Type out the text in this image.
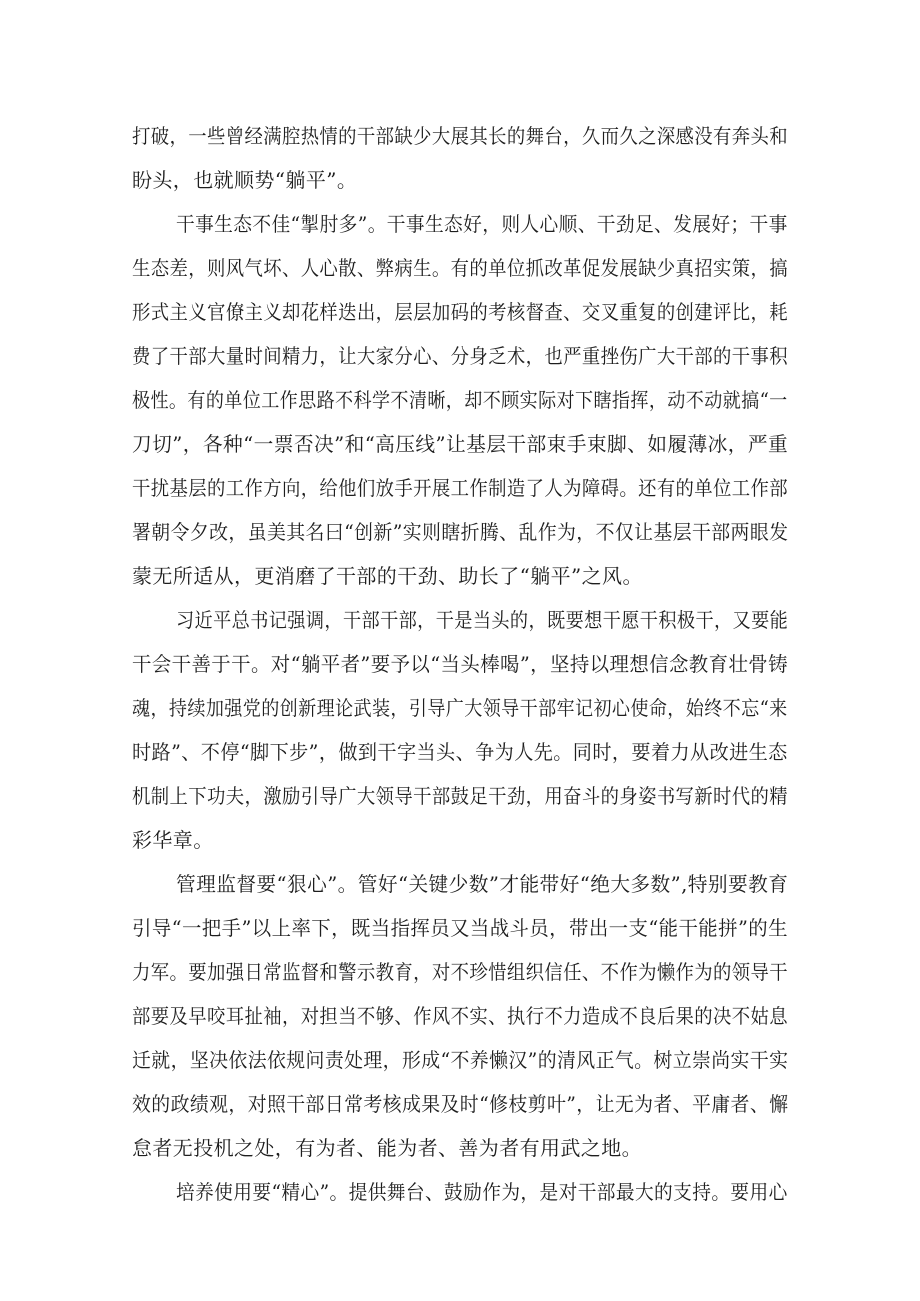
打破，一些曾经满腔热情的干部缺少大展其长的舞台，久而久之深感没有奔头和
盼头，也就顺势“躺平”。
干事生态不佳“掣肘多”。干事生态好，则人心顺、干劲足、发展好；干事
生态差，则风气坏、人心散、弊病生。有的单位抓改革促发展缺少真招实策，搞
形式主义官僚主义却花样迭出，层层加码的考核督查、交叉重复的创建评比，耗
费了干部大量时间精力，让大家分心、分身乏术，也严重挫伤广大干部的干事积
极性。有的单位工作思路不科学不清晰，却不顾实际对下瞎指挥，动不动就搞“一
刀切”，各种“一票否决”和“高压线”让基层干部束手束脚、如履薄冰，严重
干扰基层的工作方向，给他们放手开展工作制造了人为障碍。还有的单位工作部
署朝令夕改，虽美其名曰“创新”实则瞎折腾、乱作为，不仅让基层干部两眼发
蒙无所适从，更消磨了干部的干劲、助长了“躺平”之风。
习近平总书记强调，干部干部，干是当头的，既要想干愿干积极干，又要能
干会干善于干。对“躺平者”要予以“当头棒喝”，坚持以理想信念教育壮骨铸
魂，持续加强党的创新理论武装，引导广大领导干部牢记初心使命，始终不忘“来
时路”、不停“脚下步”，做到干字当头、争为人先。同时，要着力从改进生态
机制上下功夫，激励引导广大领导干部鼓足干劲，用奋斗的身姿书写新时代的精
彩华章。
管理监督要“狠心”。管好“关键少数”才能带好“绝大多数”,特别要教育
引导“一把手”以上率下，既当指挥员又当战斗员，带出一支“能干能拼”的生
力军。要加强日常监督和警示教育，对不珍惜组织信任、不作为懒作为的领导干
部要及早咬耳扯袖，对担当不够、作风不实、执行不力造成不良后果的决不姑息
迁就，坚决依法依规问责处理，形成“不养懒汉”的清风正气。树立崇尚实干实
效的政绩观，对照干部日常考核成果及时“修枝剪叶”，让无为者、平庸者、懈
怠者无投机之处，有为者、能为者、善为者有用武之地。
培养使用要“精心”。提供舞台、鼓励作为，是对干部最大的支持。要用心
